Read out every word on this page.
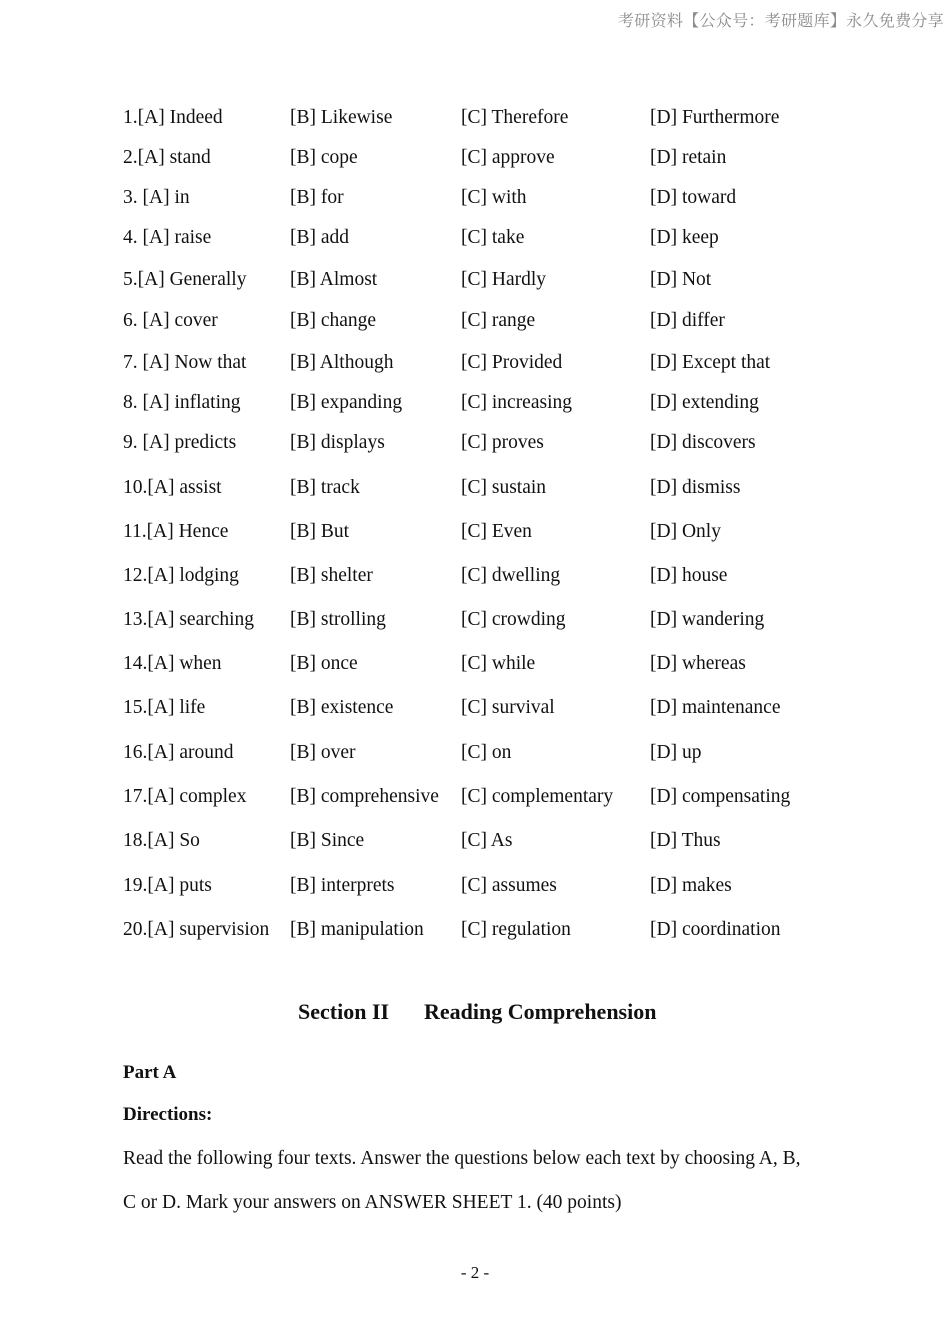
考研资料【公众号：考研题库】永久免费分享
1.[A] Indeed	[B] Likewise	[C] Therefore	[D] Furthermore
2.[A] stand	[B] cope	[C] approve	[D] retain
3. [A] in	[B] for	[C] with	[D] toward
4. [A] raise	[B] add	[C] take	[D] keep
5.[A] Generally [B] Almost	[C] Hardly	[D] Not
6. [A] cover	[B] change	[C] range	[D] differ
7. [A] Now that [B] Although	[C] Provided	[D] Except that
8. [A] inflating	[B] expanding	[C] increasing	[D] extending
9. [A] predicts	[B] displays	[C] proves	[D] discovers
10.[A] assist	[B] track	[C] sustain	[D] dismiss
11.[A] Hence	[B] But	[C] Even	[D] Only
12.[A] lodging	[B] shelter	[C] dwelling	[D] house
13.[A] searching [B] strolling	[C] crowding	[D] wandering
14.[A] when	[B] once	[C] while	[D] whereas
15.[A] life	[B] existence	[C] survival	[D] maintenance
16.[A] around	[B] over	[C] on	[D] up
17.[A] complex [B] comprehensive [C] complementary [D] compensating
18.[A] So	[B] Since	[C] As	[D] Thus
19.[A] puts	[B] interprets	[C] assumes	[D] makes
20.[A] supervision [B] manipulation [C] regulation	[D] coordination
Section II Reading Comprehension
Part A
Directions:
Read the following four texts. Answer the questions below each text by choosing A, B,
C or D. Mark your answers on ANSWER SHEET 1. (40 points)
- 2 -
